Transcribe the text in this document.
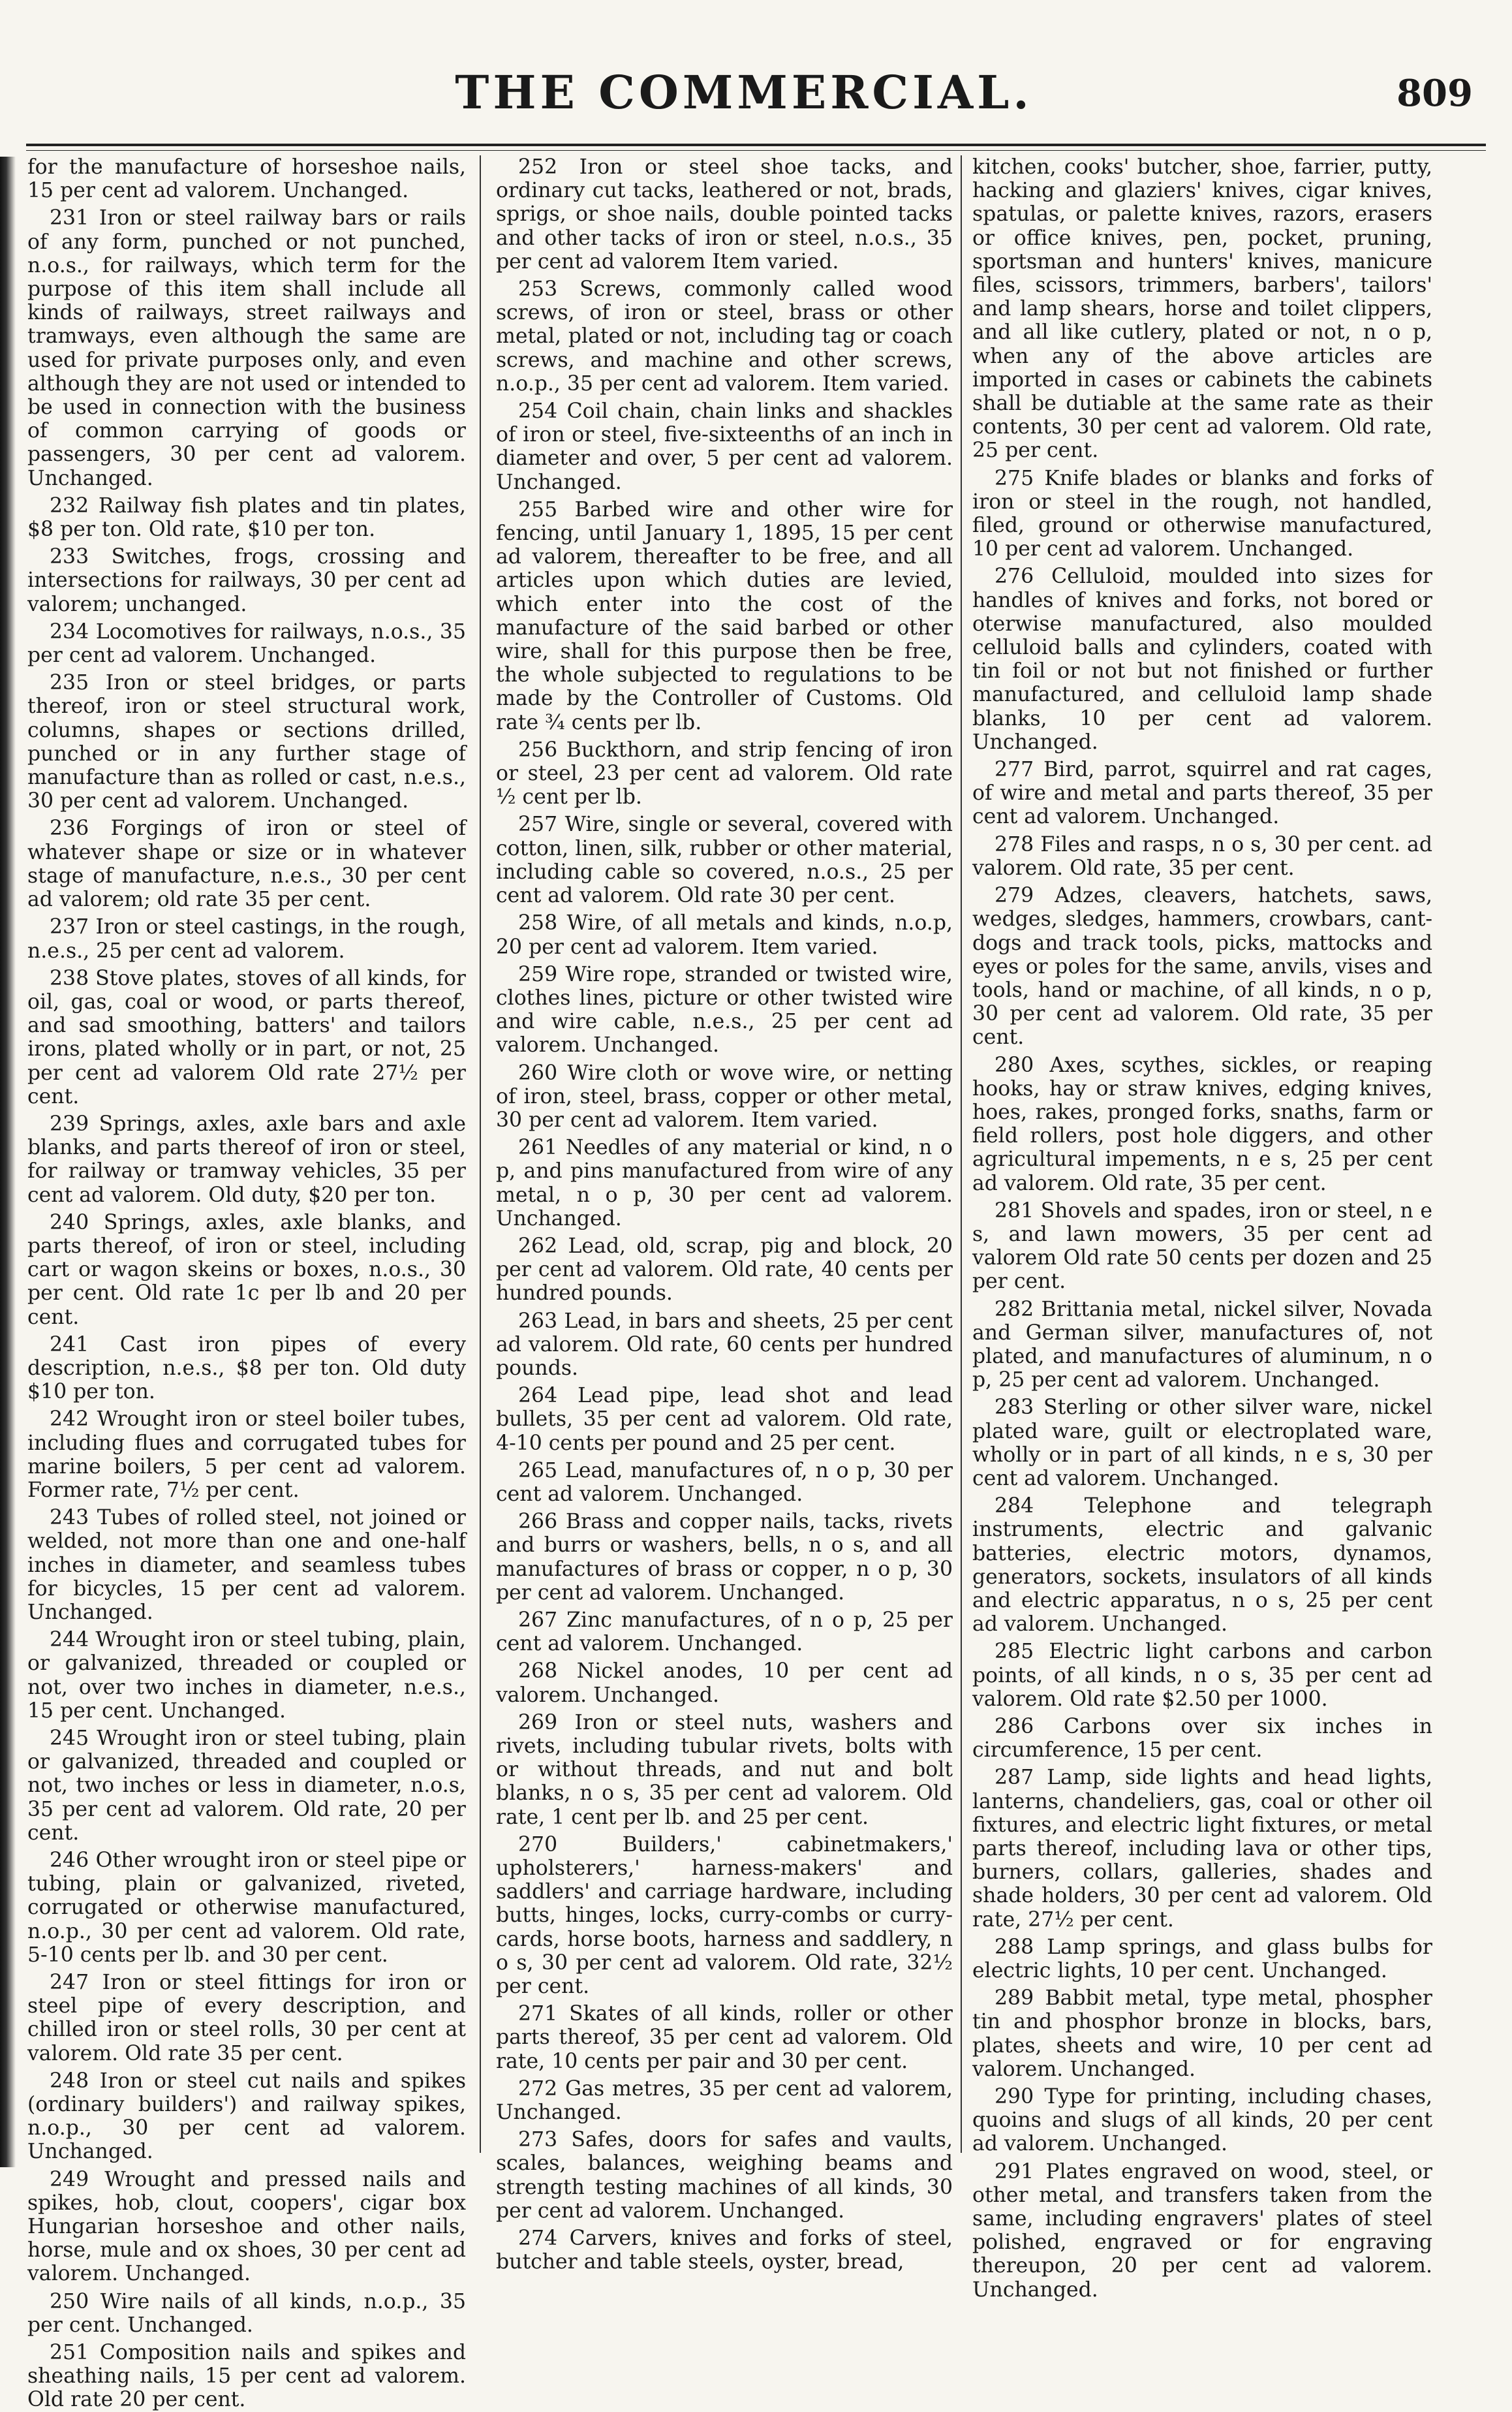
THE COMMERCIAL.	809

for the manufacture of horseshoe nails, 15 per cent ad valorem. Unchanged.

231 Iron or steel railway bars or rails of any form, punched or not punched, n.o.s., for railways, which term for the purpose of this item shall include all kinds of railways, street railways and tramways, even although the same are used for private purposes only, and even although they are not used or intended to be used in connection with the business of common carrying of goods or passengers, 30 per cent ad valorem. Unchanged.

232 Railway fish plates and tin plates, $8 per ton. Old rate, $10 per ton.

233 Switches, frogs, crossing and intersections for railways, 30 per cent ad valorem; unchanged.

234 Locomotives for railways, n.o.s., 35 per cent ad valorem. Unchanged.

235 Iron or steel bridges, or parts thereof, iron or steel structural work, columns, shapes or sections drilled, punched or in any further stage of manufacture than as rolled or cast, n.e.s., 30 per cent ad valorem. Unchanged.

236 Forgings of iron or steel of whatever shape or size or in whatever stage of manufacture, n.e.s., 30 per cent ad valorem; old rate 35 per cent.

237 Iron or steel castings, in the rough, n.e.s., 25 per cent ad valorem.

238 Stove plates, stoves of all kinds, for oil, gas, coal or wood, or parts thereof, and sad smoothing, batters' and tailors irons, plated wholly or in part, or not, 25 per cent ad valorem Old rate 27½ per cent.

239 Springs, axles, axle bars and axle blanks, and parts thereof of iron or steel, for railway or tramway vehicles, 35 per cent ad valorem. Old duty, $20 per ton.

240 Springs, axles, axle blanks, and parts thereof, of iron or steel, including cart or wagon skeins or boxes, n.o.s., 30 per cent. Old rate 1c per lb and 20 per cent.

241 Cast iron pipes of every description, n.e.s., $8 per ton. Old duty $10 per ton.

242 Wrought iron or steel boiler tubes, including flues and corrugated tubes for marine boilers, 5 per cent ad valorem. Former rate, 7½ per cent.

243 Tubes of rolled steel, not joined or welded, not more than one and one-half inches in diameter, and seamless tubes for bicycles, 15 per cent ad valorem. Unchanged.

244 Wrought iron or steel tubing, plain, or galvanized, threaded or coupled or not, over two inches in diameter, n.e.s., 15 per cent. Unchanged.

245 Wrought iron or steel tubing, plain or galvanized, threaded and coupled or not, two inches or less in diameter, n.o.s, 35 per cent ad valorem. Old rate, 20 per cent.

246 Other wrought iron or steel pipe or tubing, plain or galvanized, riveted, corrugated or otherwise manufactured, n.o.p., 30 per cent ad valorem. Old rate, 5-10 cents per lb. and 30 per cent.

247 Iron or steel fittings for iron or steel pipe of every description, and chilled iron or steel rolls, 30 per cent at valorem. Old rate 35 per cent.

248 Iron or steel cut nails and spikes (ordinary builders') and railway spikes, n.o.p., 30 per cent ad valorem. Unchanged.

249 Wrought and pressed nails and spikes, hob, clout, coopers', cigar box Hungarian horseshoe and other nails, horse, mule and ox shoes, 30 per cent ad valorem. Unchanged.

250 Wire nails of all kinds, n.o.p., 35 per cent. Unchanged.

251 Composition nails and spikes and sheathing nails, 15 per cent ad valorem. Old rate 20 per cent.

252 Iron or steel shoe tacks, and ordinary cut tacks, leathered or not, brads, sprigs, or shoe nails, double pointed tacks and other tacks of iron or steel, n.o.s., 35 per cent ad valorem Item varied.

253 Screws, commonly called wood screws, of iron or steel, brass or other metal, plated or not, including tag or coach screws, and machine and other screws, n.o.p., 35 per cent ad valorem. Item varied.

254 Coil chain, chain links and shackles of iron or steel, five-sixteenths of an inch in diameter and over, 5 per cent ad valorem. Unchanged.

255 Barbed wire and other wire for fencing, until January 1, 1895, 15 per cent ad valorem, thereafter to be free, and all articles upon which duties are levied, which enter into the cost of the manufacture of the said barbed or other wire, shall for this purpose then be free, the whole subjected to regulations to be made by the Controller of Customs. Old rate ¾ cents per lb.

256 Buckthorn, and strip fencing of iron or steel, 23 per cent ad valorem. Old rate ½ cent per lb.

257 Wire, single or several, covered with cotton, linen, silk, rubber or other material, including cable so covered, n.o.s., 25 per cent ad valorem. Old rate 30 per cent.

258 Wire, of all metals and kinds, n.o.p, 20 per cent ad valorem. Item varied.

259 Wire rope, stranded or twisted wire, clothes lines, picture or other twisted wire and wire cable, n.e.s., 25 per cent ad valorem. Unchanged.

260 Wire cloth or wove wire, or netting of iron, steel, brass, copper or other metal, 30 per cent ad valorem. Item varied.

261 Needles of any material or kind, n o p, and pins manufactured from wire of any metal, n o p, 30 per cent ad valorem. Unchanged.

262 Lead, old, scrap, pig and block, 20 per cent ad valorem. Old rate, 40 cents per hundred pounds.

263 Lead, in bars and sheets, 25 per cent ad valorem. Old rate, 60 cents per hundred pounds.

264 Lead pipe, lead shot and lead bullets, 35 per cent ad valorem. Old rate, 4-10 cents per pound and 25 per cent.

265 Lead, manufactures of, n o p, 30 per cent ad valorem. Unchanged.

266 Brass and copper nails, tacks, rivets and burrs or washers, bells, n o s, and all manufactures of brass or copper, n o p, 30 per cent ad valorem. Unchanged.

267 Zinc manufactures, of n o p, 25 per cent ad valorem. Unchanged.

268 Nickel anodes, 10 per cent ad valorem. Unchanged.

269 Iron or steel nuts, washers and rivets, including tubular rivets, bolts with or without threads, and nut and bolt blanks, n o s, 35 per cent ad valorem. Old rate, 1 cent per lb. and 25 per cent.

270 Builders,' cabinetmakers,' upholsterers,' harness-makers' and saddlers' and carriage hardware, including butts, hinges, locks, curry-combs or curry-cards, horse boots, harness and saddlery, n o s, 30 per cent ad valorem. Old rate, 32½ per cent.

271 Skates of all kinds, roller or other parts thereof, 35 per cent ad valorem. Old rate, 10 cents per pair and 30 per cent.

272 Gas metres, 35 per cent ad valorem, Unchanged.

273 Safes, doors for safes and vaults, scales, balances, weighing beams and strength testing machines of all kinds, 30 per cent ad valorem. Unchanged.

274 Carvers, knives and forks of steel, butcher and table steels, oyster, bread,

kitchen, cooks' butcher, shoe, farrier, putty, hacking and glaziers' knives, cigar knives, spatulas, or palette knives, razors, erasers or office knives, pen, pocket, pruning, sportsman and hunters' knives, manicure files, scissors, trimmers, barbers', tailors' and lamp shears, horse and toilet clippers, and all like cutlery, plated or not, n o p, when any of the above articles are imported in cases or cabinets the cabinets shall be dutiable at the same rate as their contents, 30 per cent ad valorem. Old rate, 25 per cent.

275 Knife blades or blanks and forks of iron or steel in the rough, not handled, filed, ground or otherwise manufactured, 10 per cent ad valorem. Unchanged.

276 Celluloid, moulded into sizes for handles of knives and forks, not bored or oterwise manufactured, also moulded celluloid balls and cylinders, coated with tin foil or not but not finished or further manufactured, and celluloid lamp shade blanks, 10 per cent ad valorem. Unchanged.

277 Bird, parrot, squirrel and rat cages, of wire and metal and parts thereof, 35 per cent ad valorem. Unchanged.

278 Files and rasps, n o s, 30 per cent. ad valorem. Old rate, 35 per cent.

279 Adzes, cleavers, hatchets, saws, wedges, sledges, hammers, crowbars, cant-dogs and track tools, picks, mattocks and eyes or poles for the same, anvils, vises and tools, hand or machine, of all kinds, n o p, 30 per cent ad valorem. Old rate, 35 per cent.

280 Axes, scythes, sickles, or reaping hooks, hay or straw knives, edging knives, hoes, rakes, pronged forks, snaths, farm or field rollers, post hole diggers, and other agricultural impements, n e s, 25 per cent ad valorem. Old rate, 35 per cent.

281 Shovels and spades, iron or steel, n e s, and lawn mowers, 35 per cent ad valorem Old rate 50 cents per dozen and 25 per cent.

282 Brittania metal, nickel silver, Novada and German silver, manufactures of, not plated, and manufactures of aluminum, n o p, 25 per cent ad valorem. Unchanged.

283 Sterling or other silver ware, nickel plated ware, guilt or electroplated ware, wholly or in part of all kinds, n e s, 30 per cent ad valorem. Unchanged.

284 Telephone and telegraph instruments, electric and galvanic batteries, electric motors, dynamos, generators, sockets, insulators of all kinds and electric apparatus, n o s, 25 per cent ad valorem. Unchanged.

285 Electric light carbons and carbon points, of all kinds, n o s, 35 per cent ad valorem. Old rate $2.50 per 1000.

286 Carbons over six inches in circumference, 15 per cent.

287 Lamp, side lights and head lights, lanterns, chandeliers, gas, coal or other oil fixtures, and electric light fixtures, or metal parts thereof, including lava or other tips, burners, collars, galleries, shades and shade holders, 30 per cent ad valorem. Old rate, 27½ per cent.

288 Lamp springs, and glass bulbs for electric lights, 10 per cent. Unchanged.

289 Babbit metal, type metal, phospher tin and phosphor bronze in blocks, bars, plates, sheets and wire, 10 per cent ad valorem. Unchanged.

290 Type for printing, including chases, quoins and slugs of all kinds, 20 per cent ad valorem. Unchanged.

291 Plates engraved on wood, steel, or other metal, and transfers taken from the same, including engravers' plates of steel polished, engraved or for engraving thereupon, 20 per cent ad valorem. Unchanged.
